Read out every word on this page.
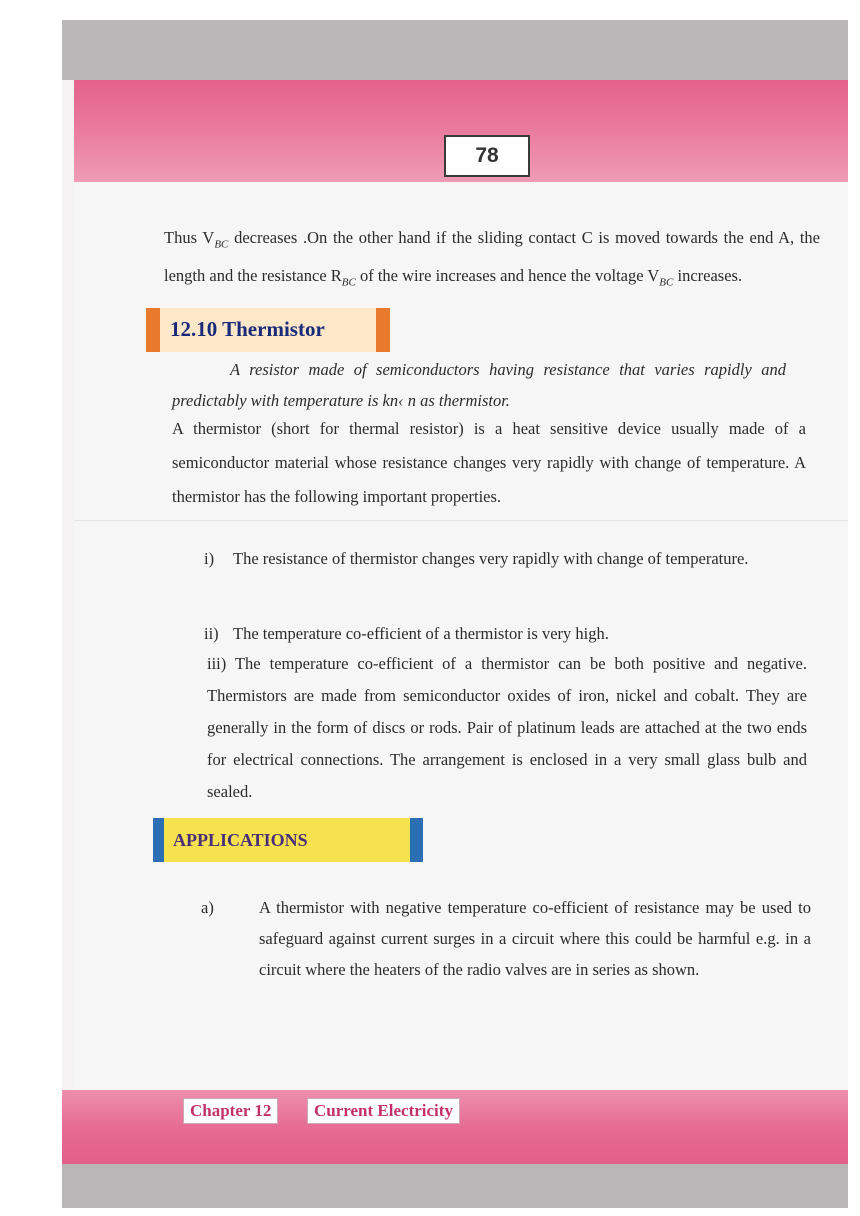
78
Thus $V_{BC}$ decreases .On the other hand if the sliding contact C is moved towards the end A, the length and the resistance $R_{BC}$ of the wire increases and hence the voltage $V_{BC}$ increases.
12.10 Thermistor
A resistor made of semiconductors having resistance that varies rapidly and predictably with temperature is kn‹ n as thermistor.
A thermistor (short for thermal resistor) is a heat sensitive device usually made of a semiconductor material whose resistance changes very rapidly with change of temperature. A thermistor has the following important properties.
i) The resistance of thermistor changes very rapidly with change of temperature.
ii) The temperature co-efficient of a thermistor is very high.
iii) The temperature co-efficient of a thermistor can be both positive and negative. Thermistors are made from semiconductor oxides of iron, nickel and cobalt. They are generally in the form of discs or rods. Pair of platinum leads are attached at the two ends for electrical connections. The arrangement is enclosed in a very small glass bulb and sealed.
APPLICATIONS
a)	A thermistor with negative temperature co-efficient of resistance may be used to safeguard against current surges in a circuit where this could be harmful e.g. in a circuit where the heaters of the radio valves are in series as shown.
Chapter 12	Current Electricity
